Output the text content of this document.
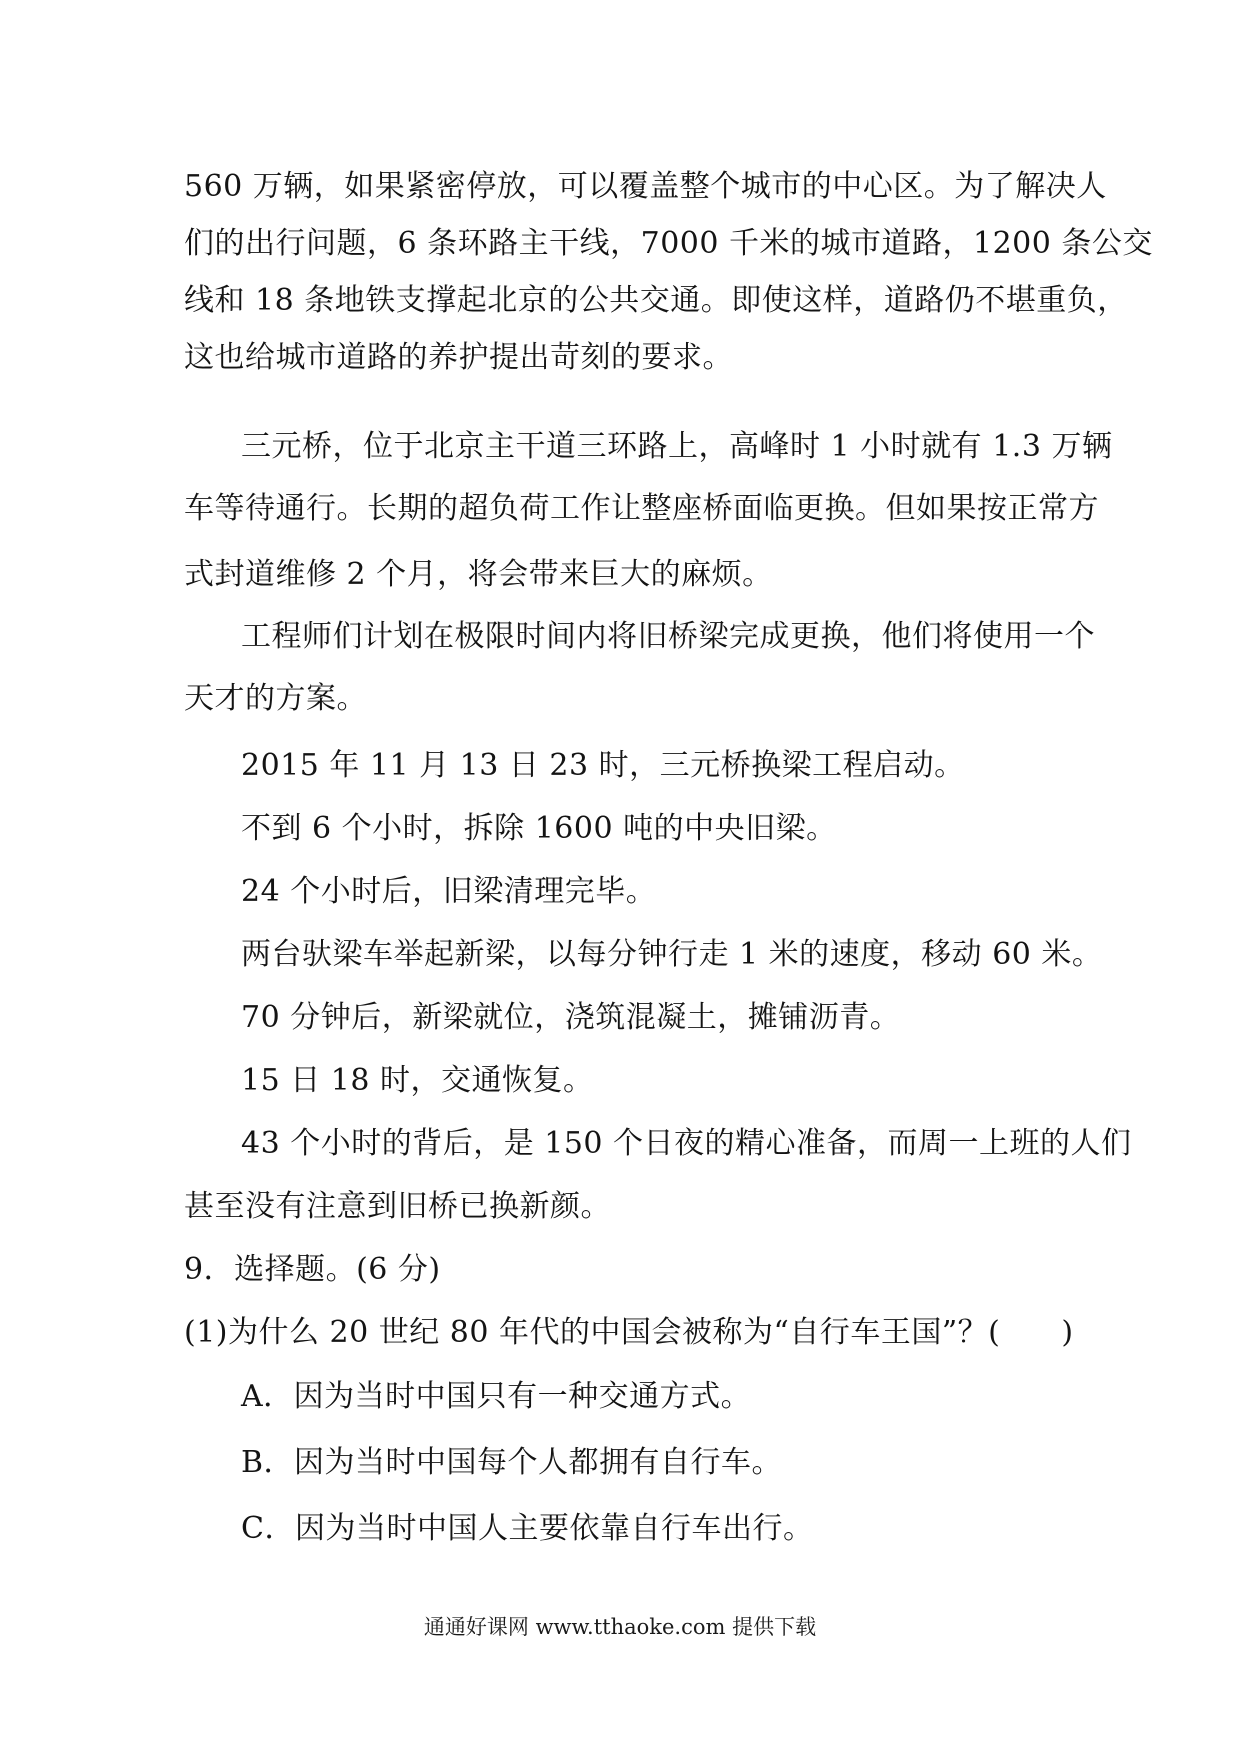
560 万辆，如果紧密停放，可以覆盖整个城市的中心区。为了解决人
们的出行问题，6 条环路主干线，7000 千米的城市道路，1200 条公交
线和 18 条地铁支撑起北京的公共交通。即使这样，道路仍不堪重负，
这也给城市道路的养护提出苛刻的要求。
三元桥，位于北京主干道三环路上，高峰时 1 小时就有 1.3 万辆
车等待通行。长期的超负荷工作让整座桥面临更换。但如果按正常方
式封道维修 2 个月，将会带来巨大的麻烦。
工程师们计划在极限时间内将旧桥梁完成更换，他们将使用一个
天才的方案。
2015 年 11 月 13 日 23 时，三元桥换梁工程启动。
不到 6 个小时，拆除 1600 吨的中央旧梁。
24 个小时后，旧梁清理完毕。
两台驮梁车举起新梁，以每分钟行走 1 米的速度，移动 60 米。
70 分钟后，新梁就位，浇筑混凝土，摊铺沥青。
15 日 18 时，交通恢复。
43 个小时的背后，是 150 个日夜的精心准备，而周一上班的人们
甚至没有注意到旧桥已换新颜。
9．选择题。(6 分)
(1)为什么 20 世纪 80 年代的中国会被称为“自行车王国”？(　　)
A．因为当时中国只有一种交通方式。
B．因为当时中国每个人都拥有自行车。
C．因为当时中国人主要依靠自行车出行。
通通好课网 www.tthaoke.com 提供下载
